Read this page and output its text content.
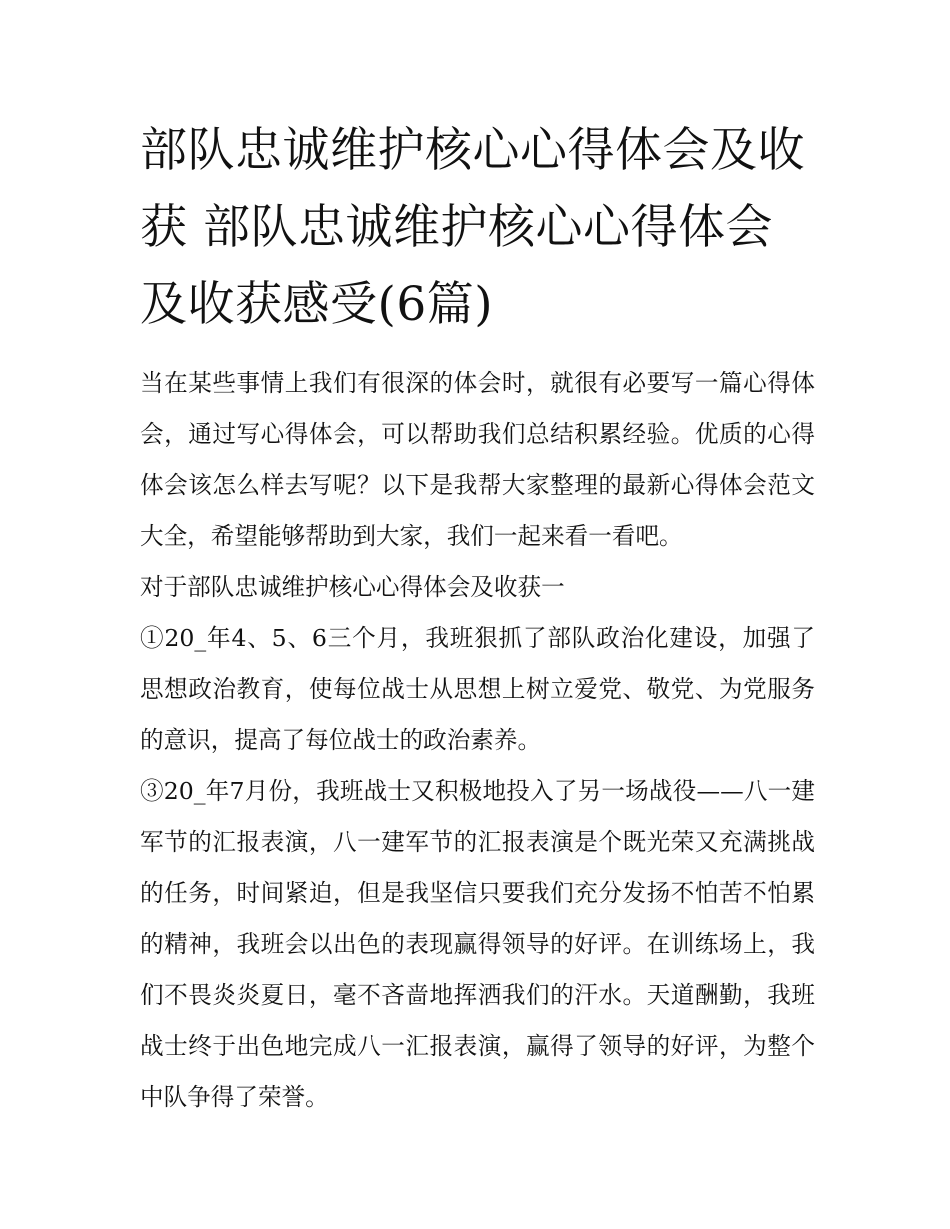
部队忠诚维护核心心得体会及收获 部队忠诚维护核心心得体会及收获感受(6篇)

当在某些事情上我们有很深的体会时，就很有必要写一篇心得体会，通过写心得体会，可以帮助我们总结积累经验。优质的心得体会该怎么样去写呢？以下是我帮大家整理的最新心得体会范文大全，希望能够帮助到大家，我们一起来看一看吧。

对于部队忠诚维护核心心得体会及收获一

①20_年4、5、6三个月，我班狠抓了部队政治化建设，加强了思想政治教育，使每位战士从思想上树立爱党、敬党、为党服务的意识，提高了每位战士的政治素养。

③20_年7月份，我班战士又积极地投入了另一场战役——八一建军节的汇报表演，八一建军节的汇报表演是个既光荣又充满挑战的任务，时间紧迫，但是我坚信只要我们充分发扬不怕苦不怕累的精神，我班会以出色的表现赢得领导的好评。在训练场上，我们不畏炎炎夏日，毫不吝啬地挥洒我们的汗水。天道酬勤，我班战士终于出色地完成八一汇报表演，赢得了领导的好评，为整个中队争得了荣誉。
